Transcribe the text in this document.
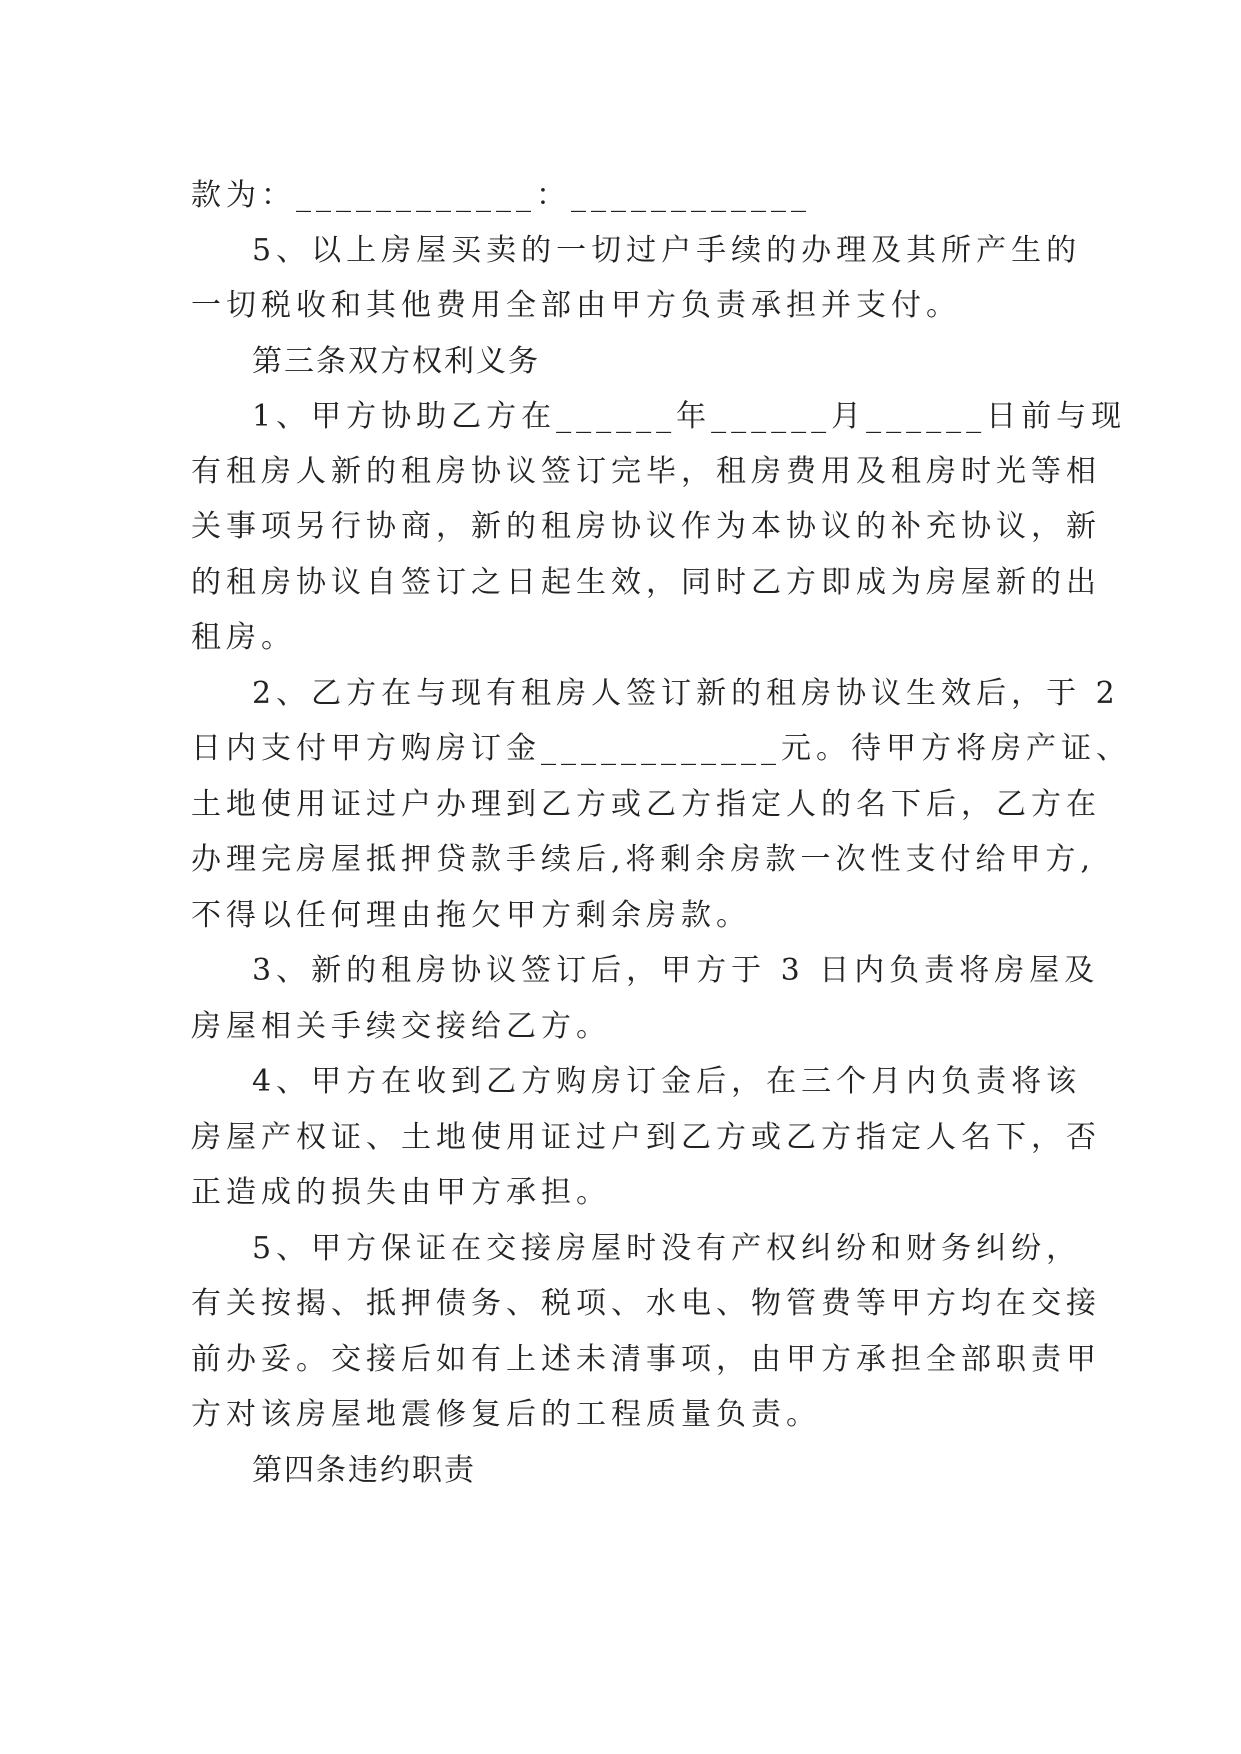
款为：____________：____________
5、以上房屋买卖的一切过户手续的办理及其所产生的
一切税收和其他费用全部由甲方负责承担并支付。
第三条双方权利义务
1、甲方协助乙方在______年______月______日前与现
有租房人新的租房协议签订完毕，租房费用及租房时光等相
关事项另行协商，新的租房协议作为本协议的补充协议，新
的租房协议自签订之日起生效，同时乙方即成为房屋新的出
租房。
2、乙方在与现有租房人签订新的租房协议生效后，于 2
日内支付甲方购房订金____________元。待甲方将房产证、
土地使用证过户办理到乙方或乙方指定人的名下后，乙方在
办理完房屋抵押贷款手续后,将剩余房款一次性支付给甲方,
不得以任何理由拖欠甲方剩余房款。
3、新的租房协议签订后，甲方于 3 日内负责将房屋及
房屋相关手续交接给乙方。
4、甲方在收到乙方购房订金后，在三个月内负责将该
房屋产权证、土地使用证过户到乙方或乙方指定人名下，否
正造成的损失由甲方承担。
5、甲方保证在交接房屋时没有产权纠纷和财务纠纷，
有关按揭、抵押债务、税项、水电、物管费等甲方均在交接
前办妥。交接后如有上述未清事项，由甲方承担全部职责甲
方对该房屋地震修复后的工程质量负责。
第四条违约职责
